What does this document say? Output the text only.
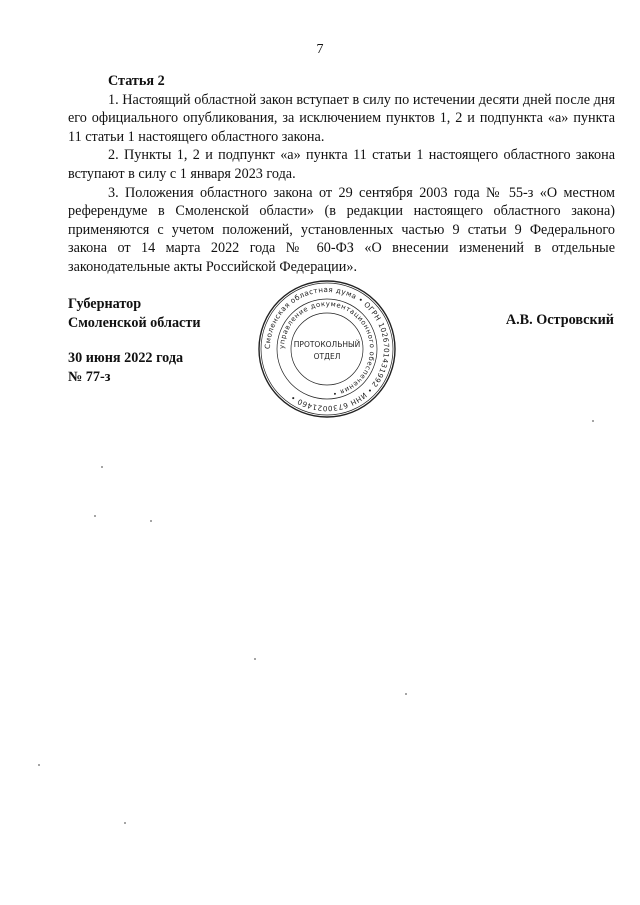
7
Статья 2

1. Настоящий областной закон вступает в силу по истечении десяти дней после дня его официального опубликования, за исключением пунктов 1, 2 и подпункта «а» пункта 11 статьи 1 настоящего областного закона.

2. Пункты 1, 2 и подпункт «а» пункта 11 статьи 1 настоящего областного закона вступают в силу с 1 января 2023 года.

3. Положения областного закона от 29 сентября 2003 года № 55-з «О местном референдуме в Смоленской области» (в редакции настоящего областного закона) применяются с учетом положений, установленных частью 9 статьи 9 Федерального закона от 14 марта 2022 года № 60-ФЗ «О внесении изменений в отдельные законодательные акты Российской Федерации».

Губернатор
Смоленской области
30 июня 2022 года
№ 77-з
А.В. Островский
Смоленская областная дума • ОГРН 1026701431992 • ИНН 6730021460 •
управление документационного обеспечения •
ПРОТОКОЛЬНЫЙ
ОТДЕЛ
